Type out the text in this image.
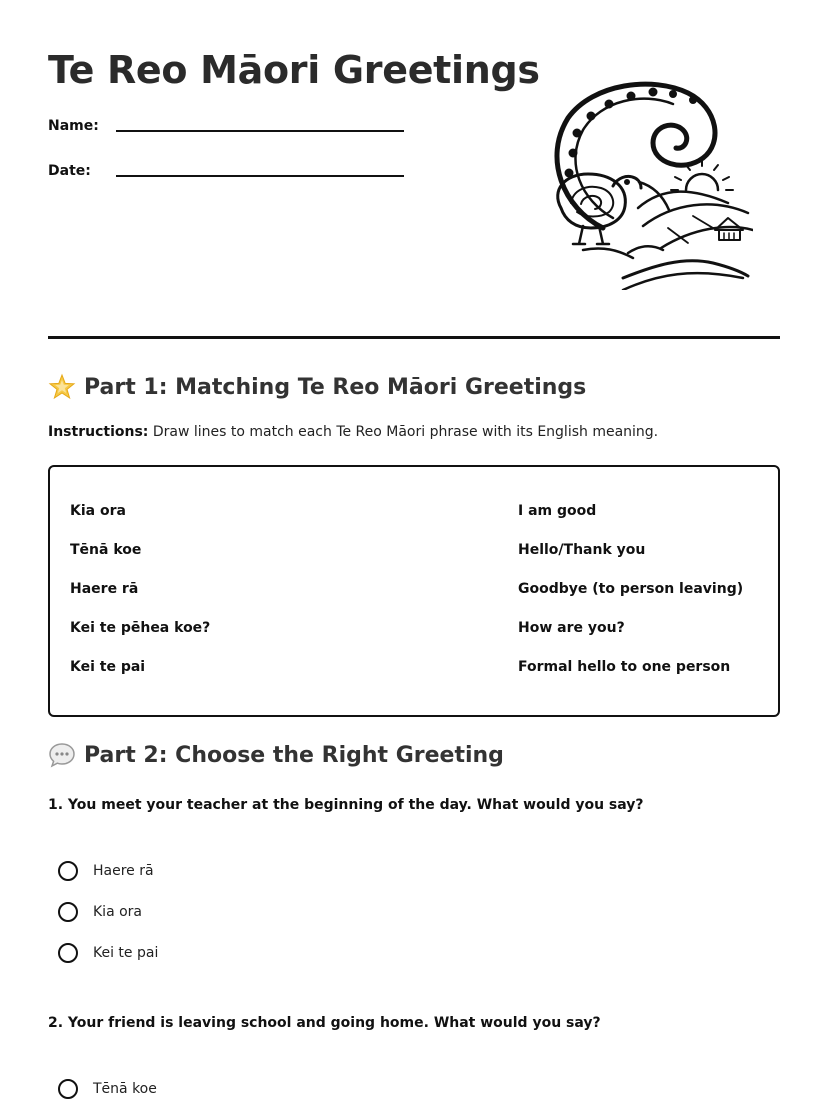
Te Reo Māori Greetings
Name:
Date:
Part 1: Matching Te Reo Māori Greetings
Instructions: Draw lines to match each Te Reo Māori phrase with its English meaning.
Kia ora
Tēnā koe
Haere rā
Kei te pēhea koe?
Kei te pai
I am good
Hello/Thank you
Goodbye (to person leaving)
How are you?
Formal hello to one person
Part 2: Choose the Right Greeting
1. You meet your teacher at the beginning of the day. What would you say?
Haere rā
Kia ora
Kei te pai
2. Your friend is leaving school and going home. What would you say?
Tēnā koe
